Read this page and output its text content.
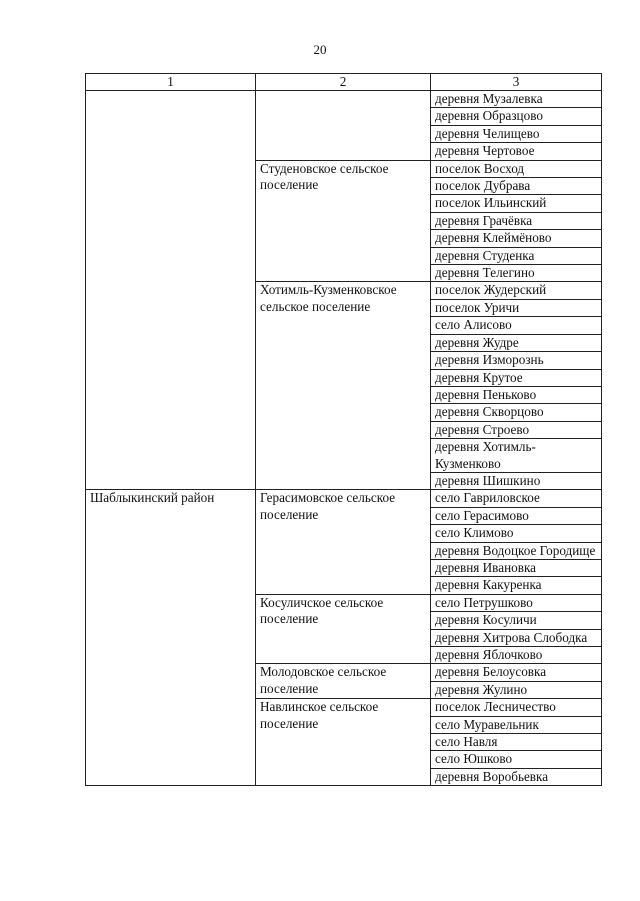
20
1	2	3
		деревня Музалевка
		деревня Образцово
		деревня Челищево
		деревня Чертовое
	Студеновское сельское поселение	поселок Восход
		поселок Дубрава
		поселок Ильинский
		деревня Грачёвка
		деревня Клеймёново
		деревня Студенка
		деревня Телегино
	Хотимль-Кузменковское сельское поселение	поселок Жудерский
		поселок Уричи
		село Алисово
		деревня Жудре
		деревня Изморознь
		деревня Крутое
		деревня Пеньково
		деревня Скворцово
		деревня Строево
		деревня Хотимль-Кузменково
		деревня Шишкино
Шаблыкинский район	Герасимовское сельское поселение	село Гавриловское
		село Герасимово
		село Климово
		деревня Водоцкое Городище
		деревня Ивановка
		деревня Какуренка
	Косуличское сельское поселение	село Петрушково
		деревня Косуличи
		деревня Хитрова Слободка
		деревня Яблочково
	Молодовское сельское поселение	деревня Белоусовка
		деревня Жулино
	Навлинское сельское поселение	поселок Лесничество
		село Муравельник
		село Навля
		село Юшково
		деревня Воробьевка
